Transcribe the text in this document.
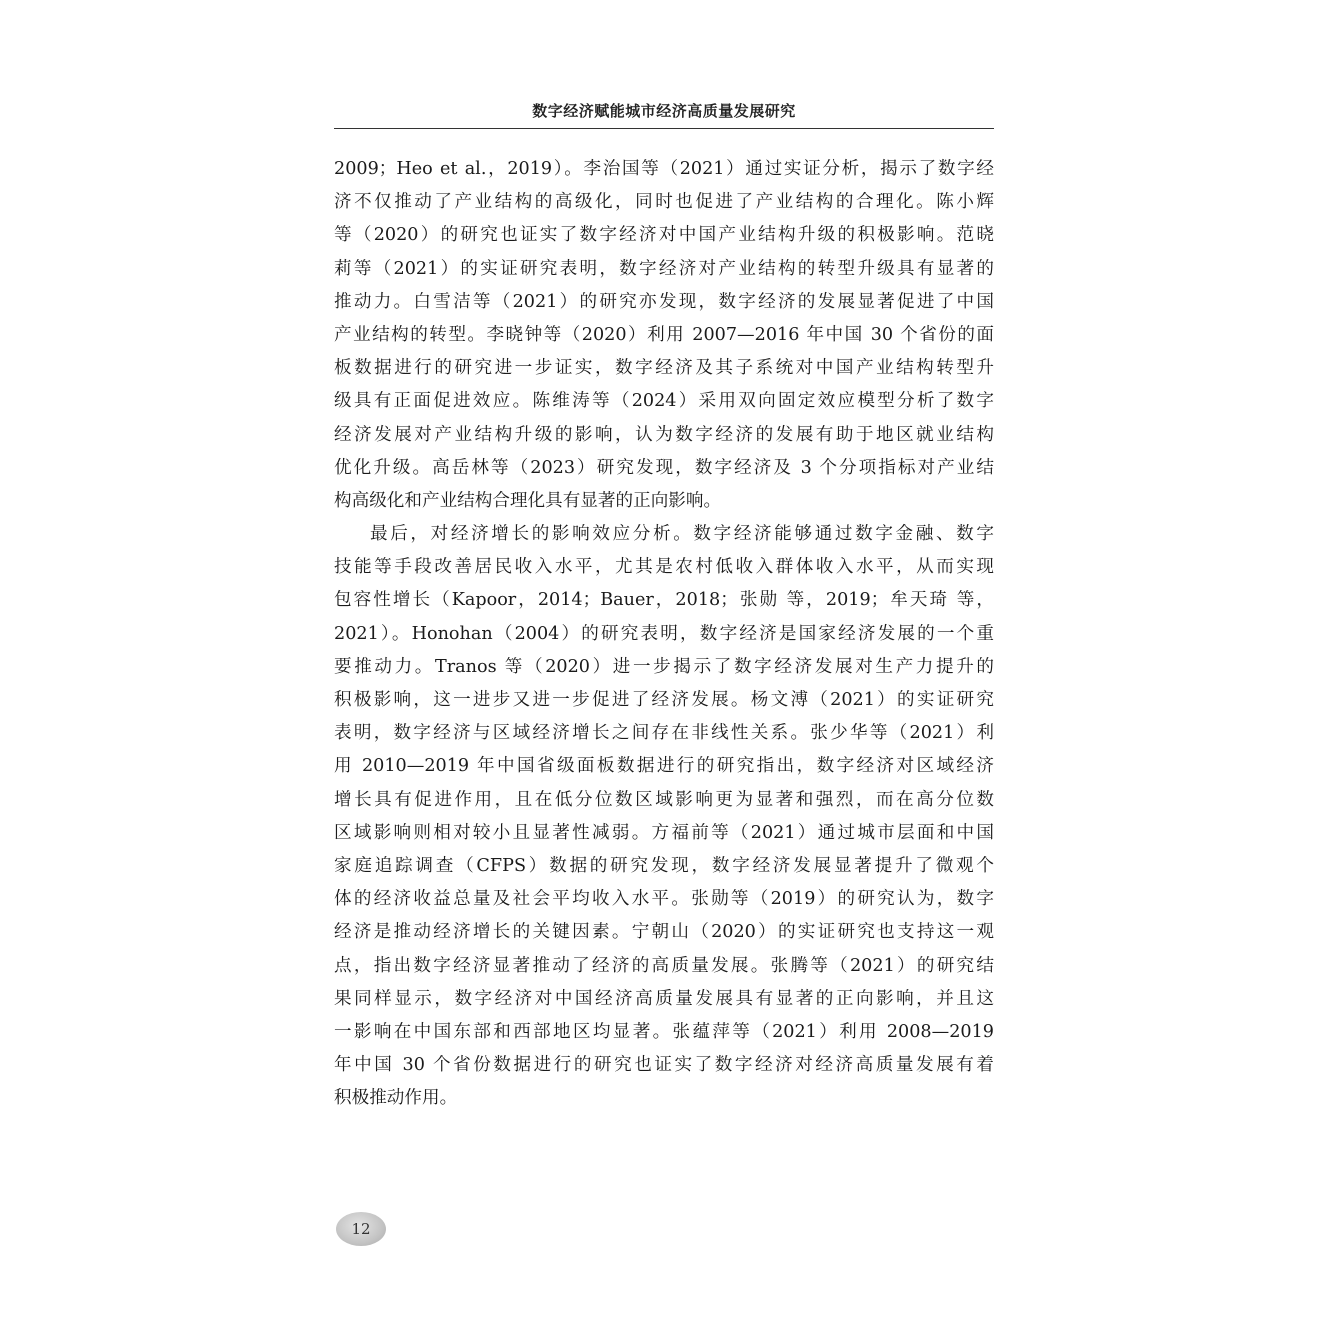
数字经济赋能城市经济高质量发展研究
2009；Heo et al.，2019）。李治国等（2021）通过实证分析，揭示了数字经
济不仅推动了产业结构的高级化，同时也促进了产业结构的合理化。陈小辉
等（2020）的研究也证实了数字经济对中国产业结构升级的积极影响。范晓
莉等（2021）的实证研究表明，数字经济对产业结构的转型升级具有显著的
推动力。白雪洁等（2021）的研究亦发现，数字经济的发展显著促进了中国
产业结构的转型。李晓钟等（2020）利用 2007—2016 年中国 30 个省份的面
板数据进行的研究进一步证实，数字经济及其子系统对中国产业结构转型升
级具有正面促进效应。陈维涛等（2024）采用双向固定效应模型分析了数字
经济发展对产业结构升级的影响，认为数字经济的发展有助于地区就业结构
优化升级。高岳林等（2023）研究发现，数字经济及 3 个分项指标对产业结
构高级化和产业结构合理化具有显著的正向影响。
最后，对经济增长的影响效应分析。数字经济能够通过数字金融、数字
技能等手段改善居民收入水平，尤其是农村低收入群体收入水平，从而实现
包容性增长（Kapoor，2014；Bauer，2018；张勋 等，2019；牟天琦 等，
2021）。Honohan（2004）的研究表明，数字经济是国家经济发展的一个重
要推动力。Tranos 等（2020）进一步揭示了数字经济发展对生产力提升的
积极影响，这一进步又进一步促进了经济发展。杨文溥（2021）的实证研究
表明，数字经济与区域经济增长之间存在非线性关系。张少华等（2021）利
用 2010—2019 年中国省级面板数据进行的研究指出，数字经济对区域经济
增长具有促进作用，且在低分位数区域影响更为显著和强烈，而在高分位数
区域影响则相对较小且显著性减弱。方福前等（2021）通过城市层面和中国
家庭追踪调查（CFPS）数据的研究发现，数字经济发展显著提升了微观个
体的经济收益总量及社会平均收入水平。张勋等（2019）的研究认为，数字
经济是推动经济增长的关键因素。宁朝山（2020）的实证研究也支持这一观
点，指出数字经济显著推动了经济的高质量发展。张腾等（2021）的研究结
果同样显示，数字经济对中国经济高质量发展具有显著的正向影响，并且这
一影响在中国东部和西部地区均显著。张蕴萍等（2021）利用 2008—2019
年中国 30 个省份数据进行的研究也证实了数字经济对经济高质量发展有着
积极推动作用。
12
